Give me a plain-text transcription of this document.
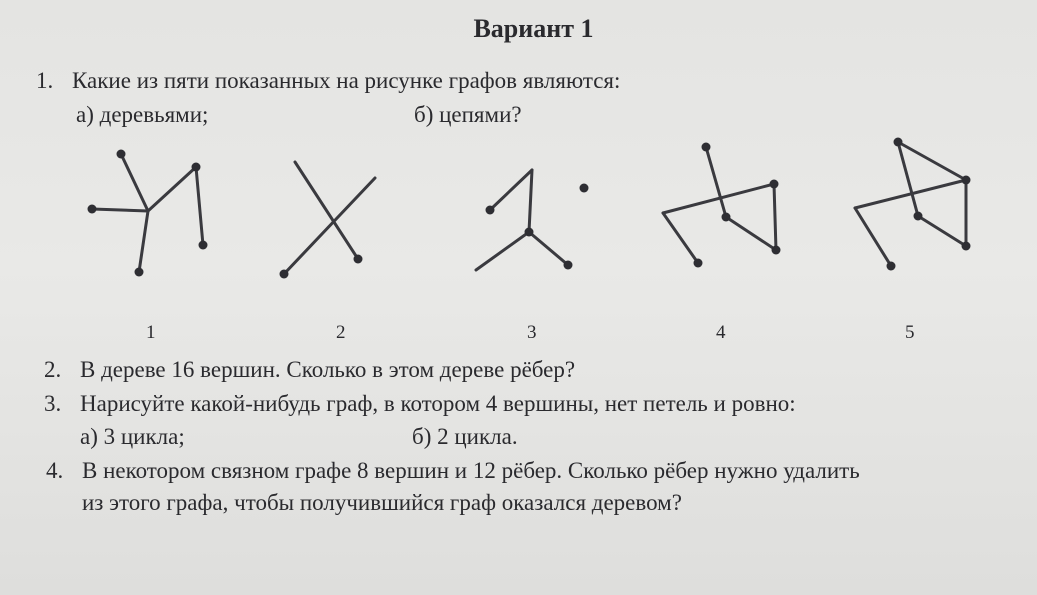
Вариант 1
1. Какие из пяти показанных на рисунке графов являются:
а) деревьями;	б) цепями?
1	2	3	4	5
2. В дереве 16 вершин. Сколько в этом дереве рёбер?
3. Нарисуйте какой-нибудь граф, в котором 4 вершины, нет петель и ровно:
а) 3 цикла;	б) 2 цикла.
4. В некотором связном графе 8 вершин и 12 рёбер. Сколько рёбер нужно удалить
из этого графа, чтобы получившийся граф оказался деревом?
